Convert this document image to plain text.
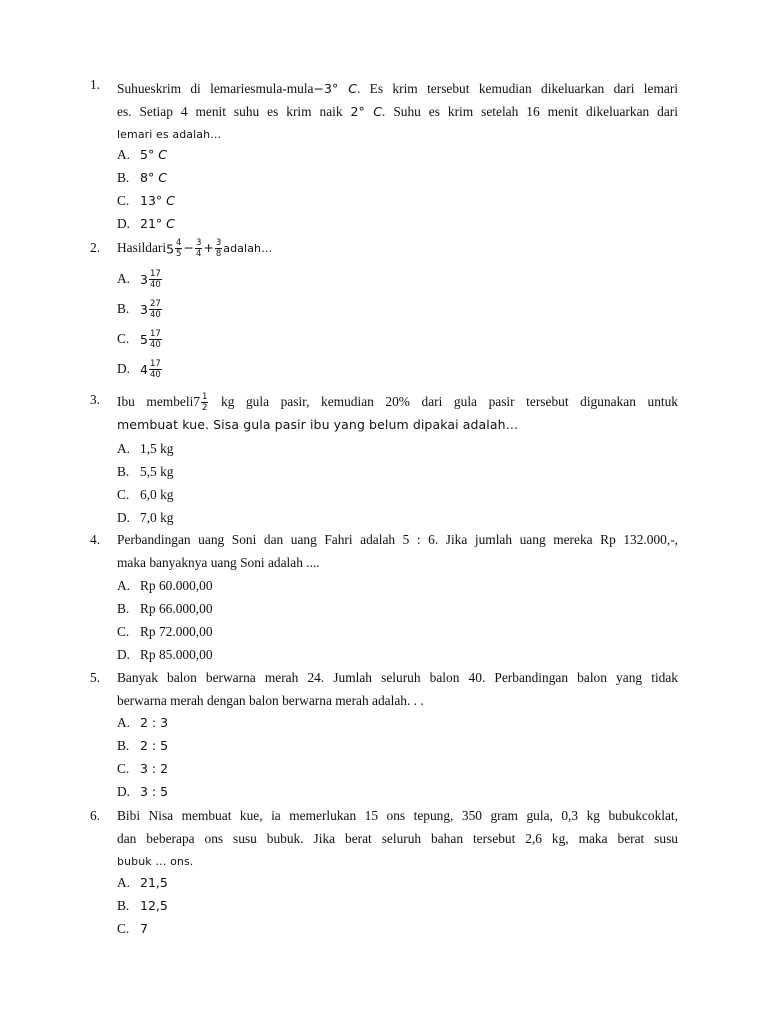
1. Suhueskrim di lemariesmula-mula−3° C. Es krim tersebut kemudian dikeluarkan dari lemari
es. Setiap 4 menit suhu es krim naik 2° C. Suhu es krim setelah 16 menit dikeluarkan dari
lemari es adalah…
A. 5° C
B. 8° C
C. 13° C
D. 21° C
2. Hasildari5 $\frac{4}{5} - \frac{3}{4} + \frac{3}{8}$ adalah…
A. $3 \frac{17}{40}$
B. $3 \frac{27}{40}$
C. $5 \frac{17}{40}$
D. $4 \frac{17}{40}$
3. Ibu membeli7 $\frac{1}{2}$ kg gula pasir, kemudian 20% dari gula pasir tersebut digunakan untuk
membuat kue. Sisa gula pasir ibu yang belum dipakai adalah…
A. 1,5 kg
B. 5,5 kg
C. 6,0 kg
D. 7,0 kg
4. Perbandingan uang Soni dan uang Fahri adalah 5 : 6. Jika jumlah uang mereka Rp 132.000,-,
maka banyaknya uang Soni adalah ....
A. Rp 60.000,00
B. Rp 66.000,00
C. Rp 72.000,00
D. Rp 85.000,00
5. Banyak balon berwarna merah 24. Jumlah seluruh balon 40. Perbandingan balon yang tidak
berwarna merah dengan balon berwarna merah adalah. . .
A. 2 : 3
B. 2 : 5
C. 3 : 2
D. 3 : 5
6. Bibi Nisa membuat kue, ia memerlukan 15 ons tepung, 350 gram gula, 0,3 kg bubukcoklat,
dan beberapa ons susu bubuk. Jika berat seluruh bahan tersebut 2,6 kg, maka berat susu
bubuk … ons.
A. 21,5
B. 12,5
C. 7
